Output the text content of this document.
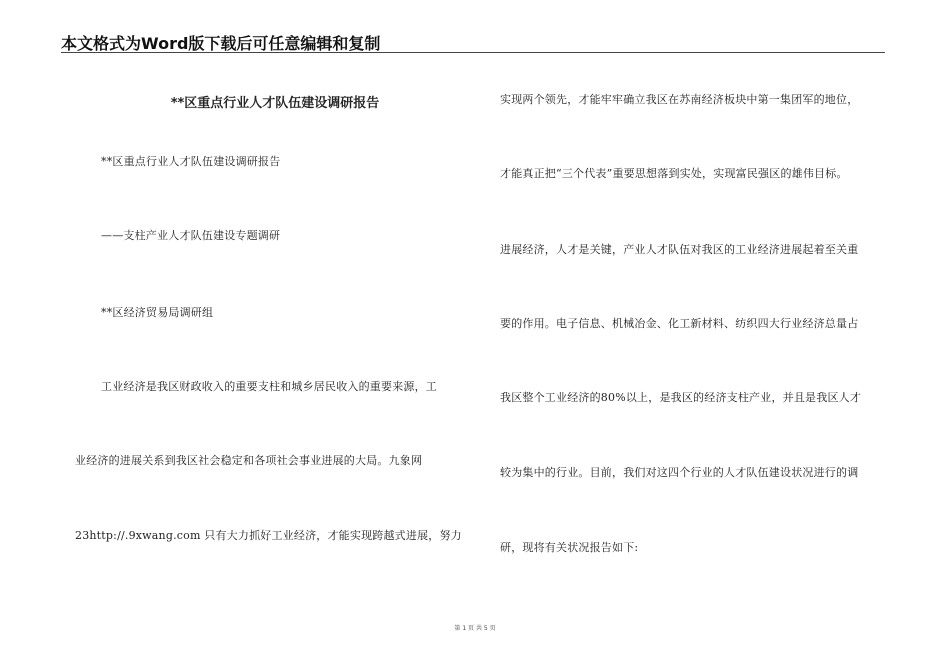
本文格式为Word版下载后可任意编辑和复制
**区重点行业人才队伍建设调研报告
**区重点行业人才队伍建设调研报告
——支柱产业人才队伍建设专题调研
**区经济贸易局调研组
工业经济是我区财政收入的重要支柱和城乡居民收入的重要来源，工
业经济的进展关系到我区社会稳定和各项社会事业进展的大局。九象网
23http://.9xwang.com 只有大力抓好工业经济，才能实现跨越式进展，努力
实现两个领先，才能牢牢确立我区在苏南经济板块中第一集团军的地位，
才能真正把“三个代表”重要思想落到实处，实现富民强区的雄伟目标。
进展经济，人才是关键，产业人才队伍对我区的工业经济进展起着至关重
要的作用。电子信息、机械冶金、化工新材料、纺织四大行业经济总量占
我区整个工业经济的80%以上，是我区的经济支柱产业，并且是我区人才
较为集中的行业。目前，我们对这四个行业的人才队伍建设状况进行的调
研，现将有关状况报告如下:
第 1 页 共 5 页
